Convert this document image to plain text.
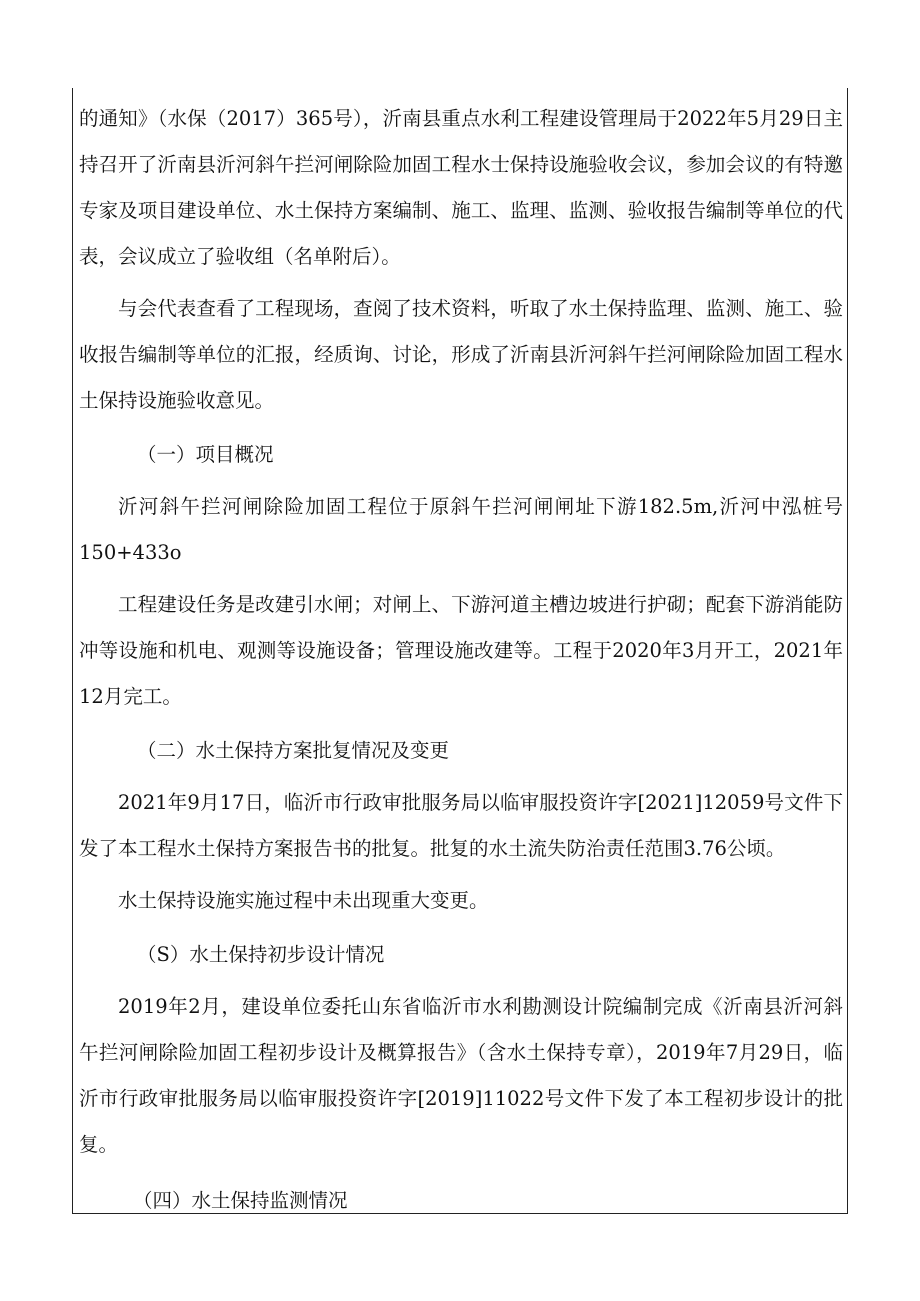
的通知》（水保（2017）365号），沂南县重点水利工程建设管理局于2022年5月29日主持召开了沂南县沂河斜午拦河闸除险加固工程水士保持设施验收会议，参加会议的有特邀专家及项目建设单位、水土保持方案编制、施工、监理、监测、验收报告编制等单位的代表，会议成立了验收组（名单附后）。

与会代表查看了工程现场，查阅了技术资料，听取了水土保持监理、监测、施工、验收报告编制等单位的汇报，经质询、讨论，形成了沂南县沂河斜午拦河闸除险加固工程水土保持设施验收意见。

（一）项目概况

沂河斜午拦河闸除险加固工程位于原斜午拦河闸闸址下游182.5m,沂河中泓桩号150+433o

工程建设任务是改建引水闸；对闸上、下游河道主槽边坡进行护砌；配套下游消能防冲等设施和机电、观测等设施设备；管理设施改建等。工程于2020年3月开工，2021年12月完工。

（二）水土保持方案批复情况及变更

2021年9月17日，临沂市行政审批服务局以临审服投资许字[2021]12059号文件下发了本工程水土保持方案报告书的批复。批复的水土流失防治责任范围3.76公顷。

水土保持设施实施过程中未出现重大变更。

（S）水土保持初步设计情况

2019年2月，建设单位委托山东省临沂市水利勘测设计院编制完成《沂南县沂河斜午拦河闸除险加固工程初步设计及概算报告》（含水土保持专章），2019年7月29日，临沂市行政审批服务局以临审服投资许字[2019]11022号文件下发了本工程初步设计的批复。

（四）水土保持监测情况
